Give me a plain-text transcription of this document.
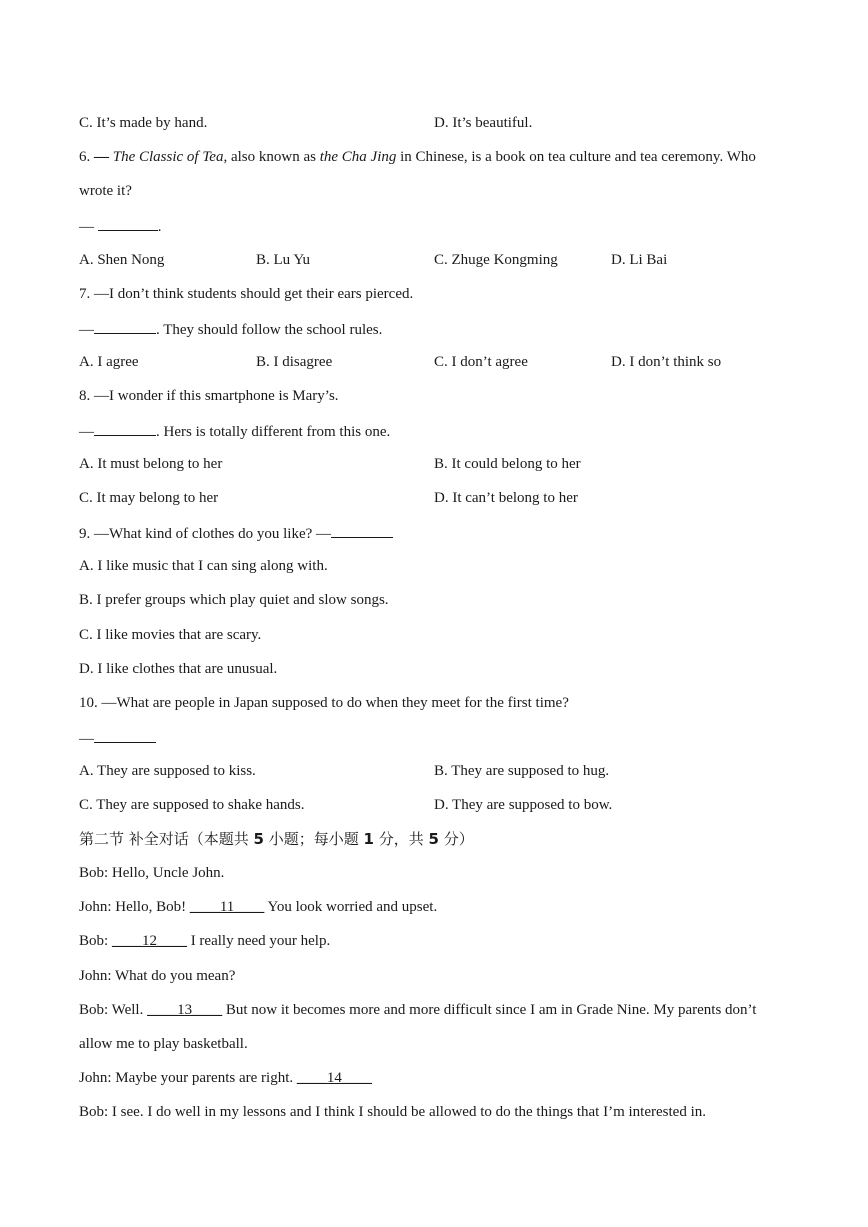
C. It’s made by hand.	D. It’s beautiful.
6. — The Classic of Tea, also known as the Cha Jing in Chinese, is a book on tea culture and tea ceremony. Who
wrote it?
—	.
A. Shen Nong	B. Lu Yu	C. Zhuge Kongming	D. Li Bai
7. —I don’t think students should get their ears pierced.
—	. They should follow the school rules.
A. I agree	B. I disagree	C. I don’t agree	D. I don’t think so
8. —I wonder if this smartphone is Mary’s.
—	. Hers is totally different from this one.
A. It must belong to her	B. It could belong to her
C. It may belong to her	D. It can’t belong to her
9. —What kind of clothes do you like? —
A. I like music that I can sing along with.
B. I prefer groups which play quiet and slow songs.
C. I like movies that are scary.
D. I like clothes that are unusual.
10. —What are people in Japan supposed to do when they meet for the first time?
—
A. They are supposed to kiss.	B. They are supposed to hug.
C. They are supposed to shake hands.	D. They are supposed to bow.
第二节 补全对话（本题共 5 小题；每小题 1 分，共 5 分）
Bob: Hello, Uncle John.
John: Hello, Bob! ____11____ You look worried and upset.
Bob: ____12____ I really need your help.
John: What do you mean?
Bob: Well. ____13____ But now it becomes more and more difficult since I am in Grade Nine. My parents don’t
allow me to play basketball.
John: Maybe your parents are right. ____14____
Bob: I see. I do well in my lessons and I think I should be allowed to do the things that I’m interested in.
